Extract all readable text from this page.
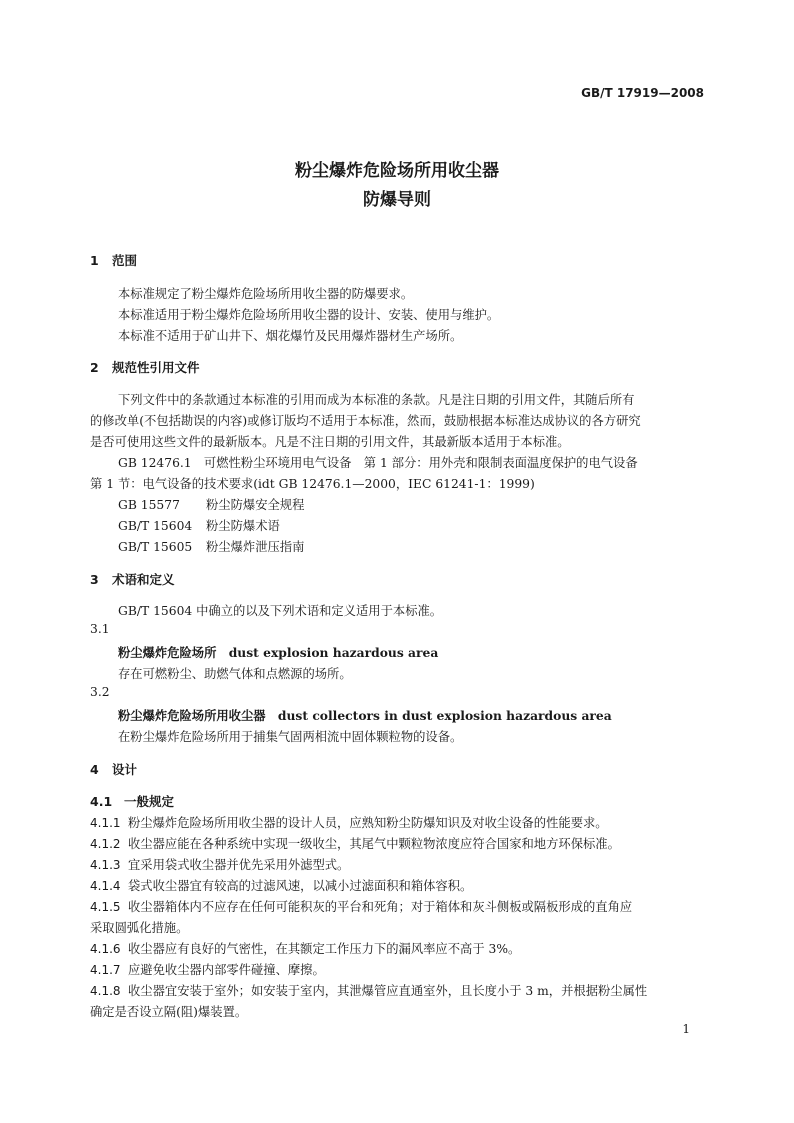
GB/T 17919—2008
粉尘爆炸危险场所用收尘器
防爆导则
1 范围
本标准规定了粉尘爆炸危险场所用收尘器的防爆要求。
本标准适用于粉尘爆炸危险场所用收尘器的设计、安装、使用与维护。
本标准不适用于矿山井下、烟花爆竹及民用爆炸器材生产场所。
2 规范性引用文件
下列文件中的条款通过本标准的引用而成为本标准的条款。凡是注日期的引用文件，其随后所有
的修改单(不包括勘误的内容)或修订版均不适用于本标准，然而，鼓励根据本标准达成协议的各方研究
是否可使用这些文件的最新版本。凡是不注日期的引用文件，其最新版本适用于本标准。
GB 12476.1　可燃性粉尘环境用电气设备　第 1 部分：用外壳和限制表面温度保护的电气设备
第 1 节：电气设备的技术要求(idt GB 12476.1—2000，IEC 61241-1：1999)
GB 15577 粉尘防爆安全规程
GB/T 15604 粉尘防爆术语
GB/T 15605 粉尘爆炸泄压指南
3 术语和定义
GB/T 15604 中确立的以及下列术语和定义适用于本标准。
3.1
粉尘爆炸危险场所　 dust explosion hazardous area
存在可燃粉尘、助燃气体和点燃源的场所。
3.2
粉尘爆炸危险场所用收尘器　 dust collectors in dust explosion hazardous area
在粉尘爆炸危险场所用于捕集气固两相流中固体颗粒物的设备。
4 设计
4.1 一般规定
4.1.1 粉尘爆炸危险场所用收尘器的设计人员，应熟知粉尘防爆知识及对收尘设备的性能要求。
4.1.2 收尘器应能在各种系统中实现一级收尘，其尾气中颗粒物浓度应符合国家和地方环保标准。
4.1.3 宜采用袋式收尘器并优先采用外滤型式。
4.1.4 袋式收尘器宜有较高的过滤风速，以减小过滤面积和箱体容积。
4.1.5 收尘器箱体内不应存在任何可能积灰的平台和死角；对于箱体和灰斗侧板或隔板形成的直角应
采取圆弧化措施。
4.1.6 收尘器应有良好的气密性，在其额定工作压力下的漏风率应不高于 3%。
4.1.7 应避免收尘器内部零件碰撞、摩擦。
4.1.8 收尘器宜安装于室外；如安装于室内，其泄爆管应直通室外，且长度小于 3 m，并根据粉尘属性
确定是否设立隔(阻)爆装置。
1
